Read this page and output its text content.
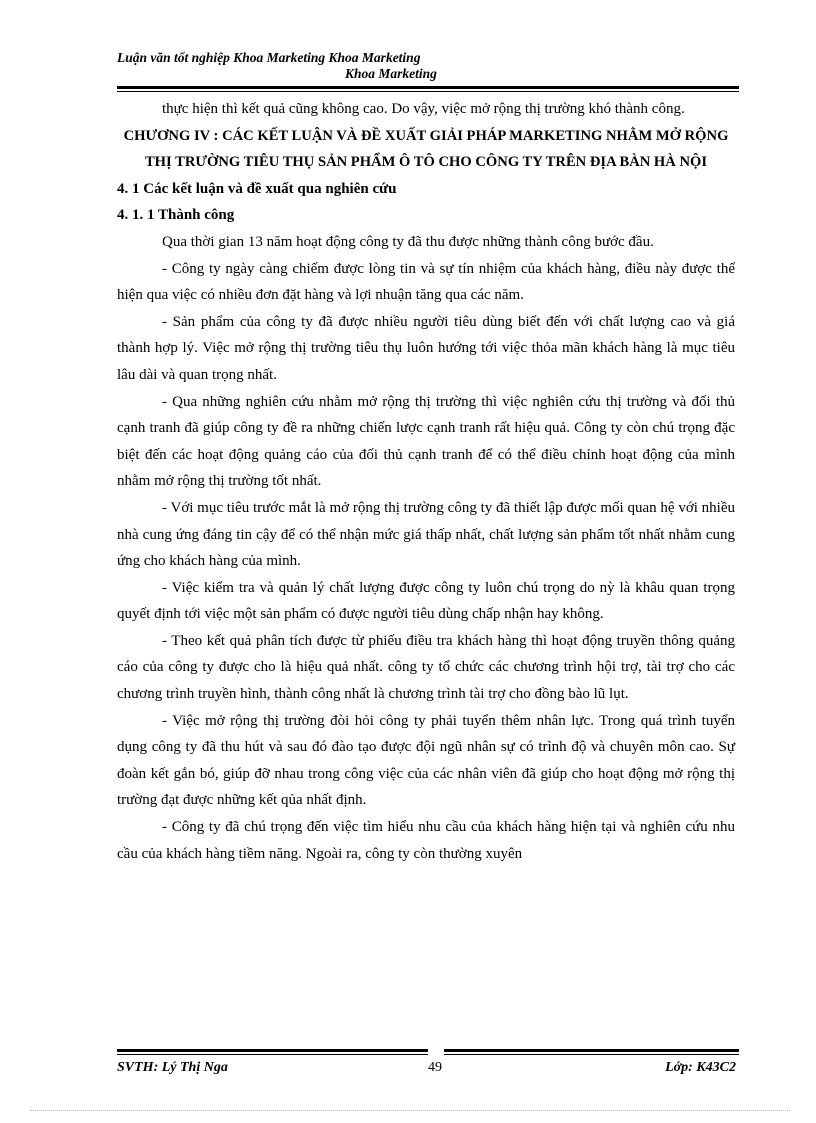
Luận văn tốt nghiệp Khoa Marketing Khoa Marketing
Khoa Marketing

thực hiện thì kết quả cũng không cao. Do vậy, việc mở rộng thị trường khó thành công.

CHƯƠNG IV : CÁC KẾT LUẬN VÀ ĐỀ XUẤT GIẢI PHÁP MARKETING NHẰM MỞ RỘNG THỊ TRƯỜNG TIÊU THỤ SẢN PHẨM Ô TÔ CHO CÔNG TY TRÊN ĐỊA BÀN HÀ NỘI

4. 1 Các kết luận và đề xuất qua nghiên cứu

4. 1. 1 Thành công

Qua thời gian 13 năm hoạt động công ty đã thu được những thành công bước đầu.

- Công ty ngày càng chiếm được lòng tin và sự tín nhiệm của khách hàng, điều này được thể hiện qua việc có nhiều đơn đặt hàng và lợi nhuận tăng qua các năm.

- Sản phẩm của công ty đã được nhiều người tiêu dùng biết đến với chất lượng cao và giá thành hợp lý. Việc mở rộng thị trường tiêu thụ luôn hướng tới việc thỏa mãn khách hàng là mục tiêu lâu dài và quan trọng nhất.

- Qua những nghiên cứu nhằm mở rộng thị trường thì việc nghiên cứu thị trường và đối thủ cạnh tranh đã giúp công ty đề ra những chiến lược cạnh tranh rất hiệu quả. Công ty còn chú trọng đặc biệt đến các hoạt động quảng cáo của đối thủ cạnh tranh để có thể điều chỉnh hoạt động của mình nhằm mở rộng thị trường tốt nhất.

- Với mục tiêu trước mắt là mở rộng thị trường công ty đã thiết lập được mối quan hệ với nhiều nhà cung ứng đáng tin cậy để có thể nhận mức giá thấp nhất, chất lượng sản phẩm tốt nhất nhằm cung ứng cho khách hàng của mình.

- Việc kiểm tra và quản lý chất lượng được công ty luôn chú trọng do nỳ là khâu quan trọng quyết định tới việc một sản phẩm có được người tiêu dùng chấp nhận hay không.

- Theo kết quả phân tích được từ phiếu điều tra khách hàng thì hoạt động truyền thông quảng cáo của công ty được cho là hiệu quả nhất. công ty tổ chức các chương trình hội trợ, tài trợ cho các chương trình truyền hình, thành công nhất là chương trình tài trợ cho đồng bào lũ lụt.

- Việc mở rộng thị trường đòi hỏi công ty phải tuyển thêm nhân lực. Trong quá trình tuyển dụng công ty đã thu hút và sau đó đào tạo được đội ngũ nhân sự có trình độ và chuyên môn cao. Sự đoàn kết gắn bó, giúp đỡ nhau trong công việc của các nhân viên đã giúp cho hoạt động mở rộng thị trường đạt được những kết qủa nhất định.

- Công ty đã chú trọng đến việc tìm hiểu nhu cầu của khách hàng hiện tại và nghiên cứu nhu cầu của khách hàng tiềm năng. Ngoài ra, công ty còn thường xuyên

SVTH: Lý Thị Nga	49	Lớp: K43C2
